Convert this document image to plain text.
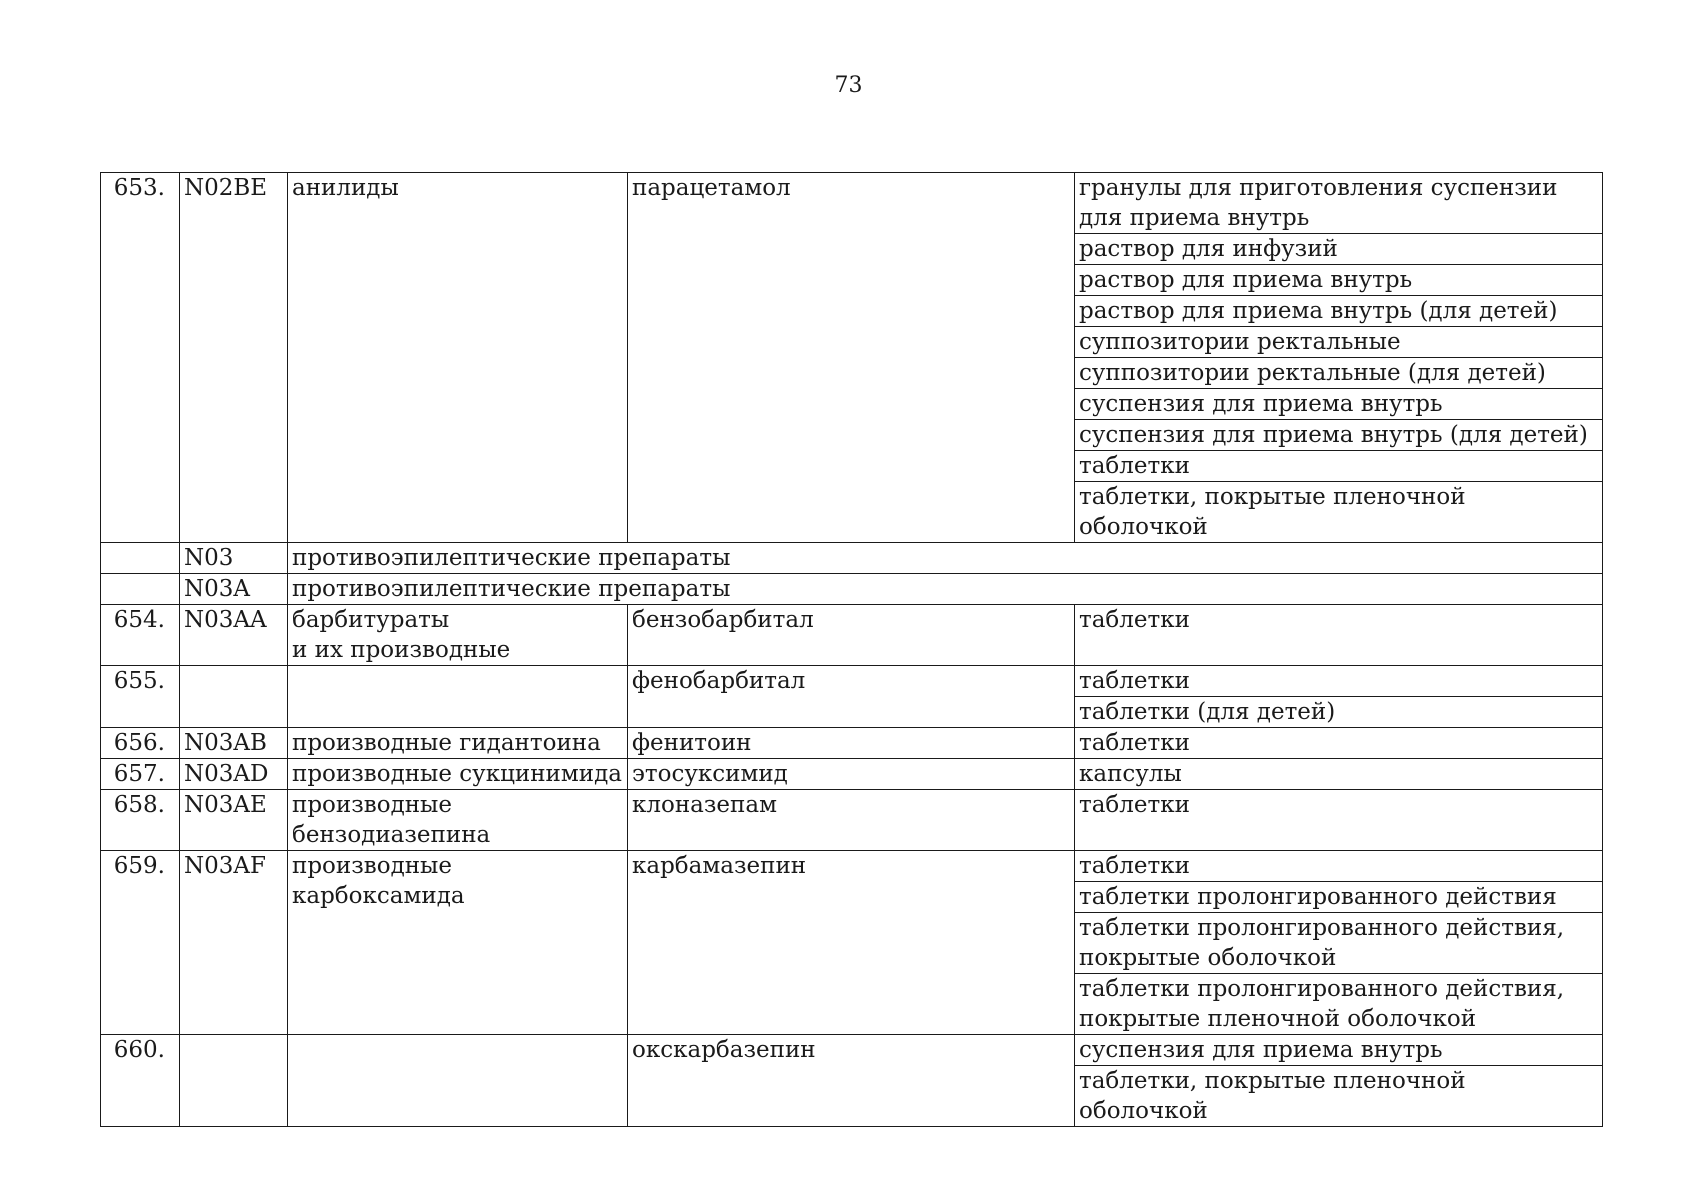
73
653.	N02BE	анилиды	парацетамол	гранулы для приготовления суспензии
для приема внутрь
				раствор для инфузий
				раствор для приема внутрь
				раствор для приема внутрь (для детей)
				суппозитории ректальные
				суппозитории ректальные (для детей)
				суспензия для приема внутрь
				суспензия для приема внутрь (для детей)
				таблетки
				таблетки, покрытые пленочной оболочкой
	N03	противоэпилептические препараты		
	N03A	противоэпилептические препараты		
654.	N03AA	барбитураты
и их производные	бензобарбитал	таблетки
655.			фенобарбитал	таблетки
				таблетки (для детей)
656.	N03AB	производные гидантоина	фенитоин	таблетки
657.	N03AD	производные сукцинимида	этосуксимид	капсулы
658.	N03AE	производные
бензодиазепина	клоназепам	таблетки
659.	N03AF	производные карбоксамида	карбамазепин	таблетки
				таблетки пролонгированного действия
				таблетки пролонгированного действия,
покрытые оболочкой
				таблетки пролонгированного действия,
покрытые пленочной оболочкой
660.			окскарбазепин	суспензия для приема внутрь
				таблетки, покрытые пленочной оболочкой
